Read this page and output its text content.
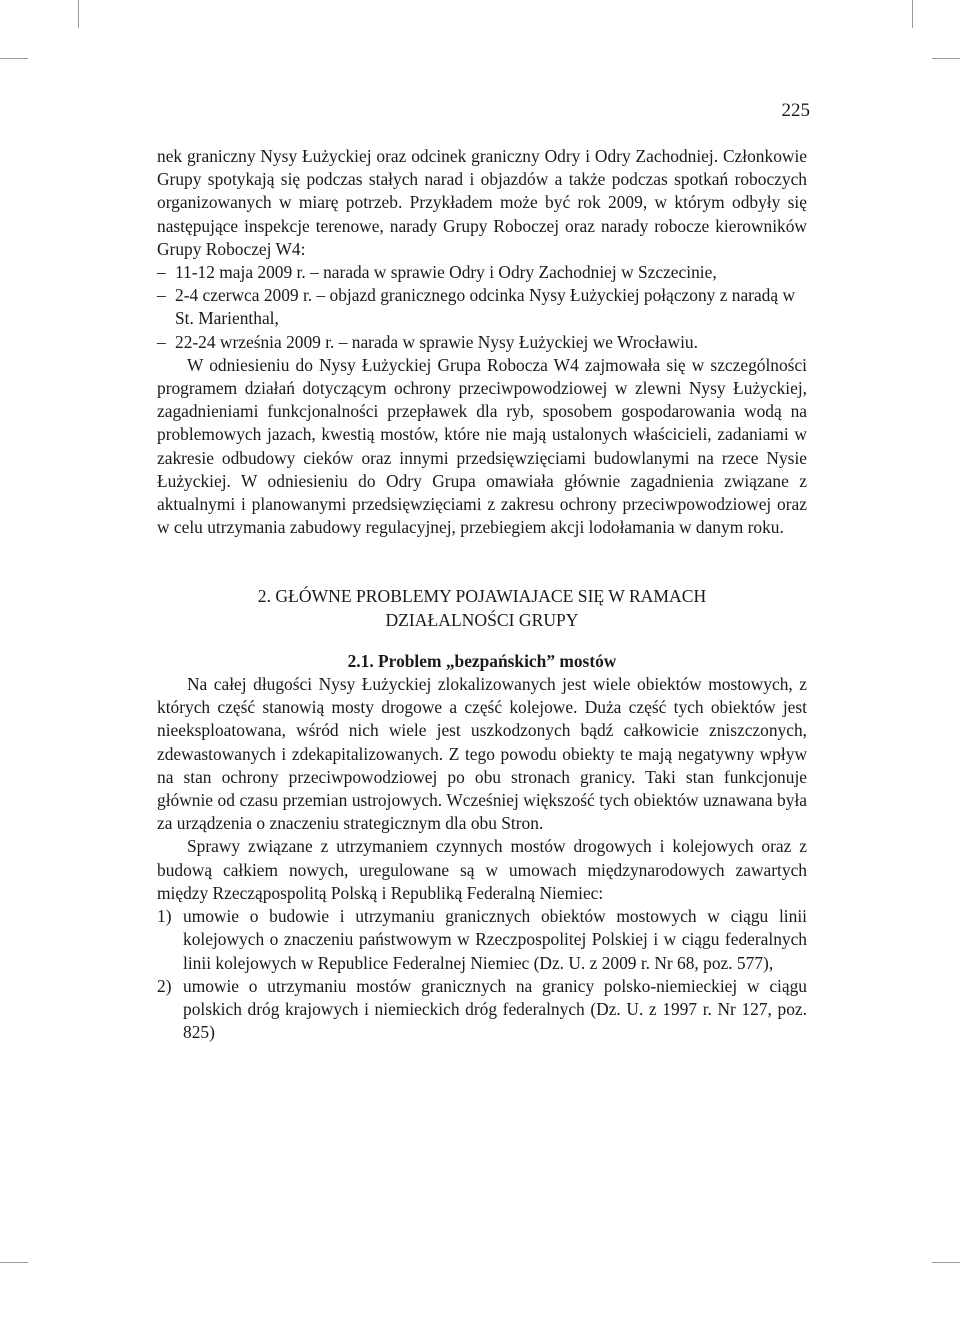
225

nek graniczny Nysy Łużyckiej oraz odcinek graniczny Odry i Odry Zachodniej. Członkowie Grupy spotykają się podczas stałych narad i objazdów a także podczas spotkań roboczych organizowanych w miarę potrzeb. Przykładem może być rok 2009, w którym odbyły się następujące inspekcje terenowe, narady Grupy Roboczej oraz narady robocze kierowników Grupy Roboczej W4:

– 11-12 maja 2009 r. – narada w sprawie Odry i Odry Zachodniej w Szczecinie,
– 2-4 czerwca 2009 r. – objazd granicznego odcinka Nysy Łużyckiej połączony z naradą w St. Marienthal,
– 22-24 września 2009 r. – narada w sprawie Nysy Łużyckiej we Wrocławiu.

W odniesieniu do Nysy Łużyckiej Grupa Robocza W4 zajmowała się w szczególności programem działań dotyczącym ochrony przeciwpowodziowej w zlewni Nysy Łużyckiej, zagadnieniami funkcjonalności przepławek dla ryb, sposobem gospodarowania wodą na problemowych jazach, kwestią mostów, które nie mają ustalonych właścicieli, zadaniami w zakresie odbudowy cieków oraz innymi przedsięwzięciami budowlanymi na rzece Nysie Łużyckiej. W odniesieniu do Odry Grupa omawiała głównie zagadnienia związane z aktualnymi i planowanymi przedsięwzięciami z zakresu ochrony przeciwpowodziowej oraz w celu utrzymania zabudowy regulacyjnej, przebiegiem akcji lodołamania w danym roku.

2. GŁÓWNE PROBLEMY POJAWIAJACE SIĘ W RAMACH
DZIAŁALNOŚCI GRUPY
2.1. Problem „bezpańskich” mostów

Na całej długości Nysy Łużyckiej zlokalizowanych jest wiele obiektów mostowych, z których część stanowią mosty drogowe a część kolejowe. Duża część tych obiektów jest nieeksploatowana, wśród nich wiele jest uszkodzonych bądź całkowicie zniszczonych, zdewastowanych i zdekapitalizowanych. Z tego powodu obiekty te mają negatywny wpływ na stan ochrony przeciwpowodziowej po obu stronach granicy. Taki stan funkcjonuje głównie od czasu przemian ustrojowych. Wcześniej większość tych obiektów uznawana była za urządzenia o znaczeniu strategicznym dla obu Stron.

Sprawy związane z utrzymaniem czynnych mostów drogowych i kolejowych oraz z budową całkiem nowych, uregulowane są w umowach międzynarodowych zawartych między Rzecząpospolitą Polską i Republiką Federalną Niemiec:

1) umowie o budowie i utrzymaniu granicznych obiektów mostowych w ciągu linii kolejowych o znaczeniu państwowym w Rzeczpospolitej Polskiej i w ciągu federalnych linii kolejowych w Republice Federalnej Niemiec (Dz. U. z 2009 r. Nr 68, poz. 577),
2) umowie o utrzymaniu mostów granicznych na granicy polsko-niemieckiej w ciągu polskich dróg krajowych i niemieckich dróg federalnych (Dz. U. z 1997 r. Nr 127, poz. 825)
